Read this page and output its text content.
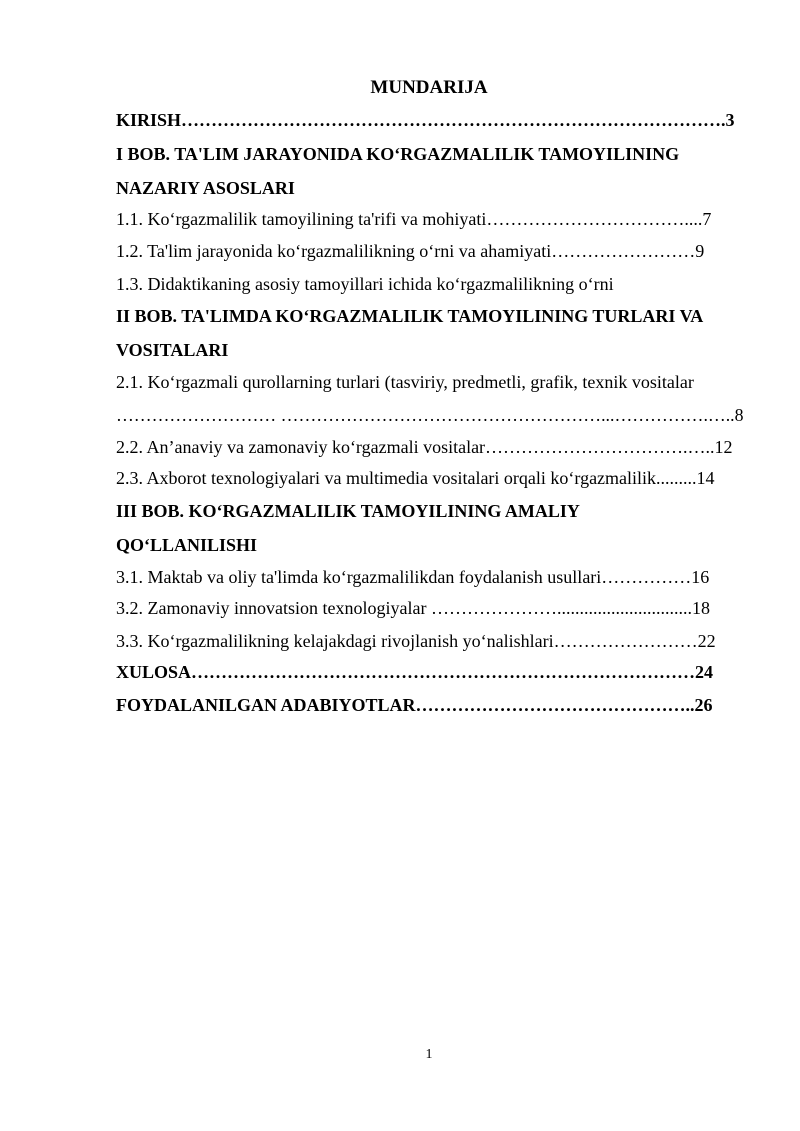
MUNDARIJA
KIRISH……………………………………………………………………………….3
I BOB. TA'LIM JARAYONIDA KOʻRGAZMALILIK TAMOYILINING
NAZARIY ASOSLARI
1.1. Koʻrgazmalilik tamoyilining ta'rifi va mohiyati……………………………....7
1.2. Ta'lim jarayonida koʻrgazmalilikning oʻrni va ahamiyati……………………9
1.3. Didaktikaning asosiy tamoyillari ichida koʻrgazmalilikning oʻrni
II BOB. TA'LIMDA KOʻRGAZMALILIK TAMOYILINING TURLARI VA
VOSITALARI
2.1. Koʻrgazmali qurollarning turlari (tasviriy, predmetli, grafik, texnik vositalar
……………………… ………………………………………………...…………….…..8
2.2. An’anaviy va zamonaviy koʻrgazmali vositalar…………………………….…..12
2.3. Axborot texnologiyalari va multimedia vositalari orqali koʻrgazmalilik.........14
III BOB. KOʻRGAZMALILIK TAMOYILINING AMALIY
QOʻLLANILISHI
3.1. Maktab va oliy ta'limda koʻrgazmalilikdan foydalanish usullari……………16
3.2. Zamonaviy innovatsion texnologiyalar …………………..............................18
3.3. Koʻrgazmalilikning kelajakdagi rivojlanish yoʻnalishlari……………………22
XULOSA…………………………………………………………………………24
FOYDALANILGAN ADABIYOTLAR………………………………………..26
1
